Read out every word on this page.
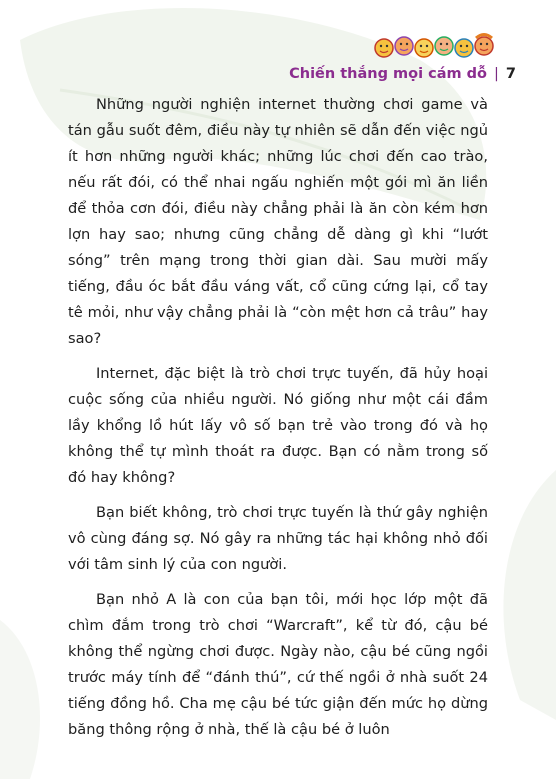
Chiến thắng mọi cám dỗ | 7

Những người nghiện internet thường chơi game và tán gẫu suốt đêm, điều này tự nhiên sẽ dẫn đến việc ngủ ít hơn những người khác; những lúc chơi đến cao trào, nếu rất đói, có thể nhai ngấu nghiến một gói mì ăn liền để thỏa cơn đói, điều này chẳng phải là ăn còn kém hơn lợn hay sao; nhưng cũng chẳng dễ dàng gì khi “lướt sóng” trên mạng trong thời gian dài. Sau mười mấy tiếng, đầu óc bắt đầu váng vất, cổ cũng cứng lại, cổ tay tê mỏi, như vậy chẳng phải là “còn mệt hơn cả trâu” hay sao?

Internet, đặc biệt là trò chơi trực tuyến, đã hủy hoại cuộc sống của nhiều người. Nó giống như một cái đầm lầy khổng lồ hút lấy vô số bạn trẻ vào trong đó và họ không thể tự mình thoát ra được. Bạn có nằm trong số đó hay không?

Bạn biết không, trò chơi trực tuyến là thứ gây nghiện vô cùng đáng sợ. Nó gây ra những tác hại không nhỏ đối với tâm sinh lý của con người.

Bạn nhỏ A là con của bạn tôi, mới học lớp một đã chìm đắm trong trò chơi “Warcraft”, kể từ đó, cậu bé không thể ngừng chơi được. Ngày nào, cậu bé cũng ngồi trước máy tính để “đánh thú”, cứ thế ngồi ở nhà suốt 24 tiếng đồng hồ. Cha mẹ cậu bé tức giận đến mức họ dừng băng thông rộng ở nhà, thế là cậu bé ở luôn
